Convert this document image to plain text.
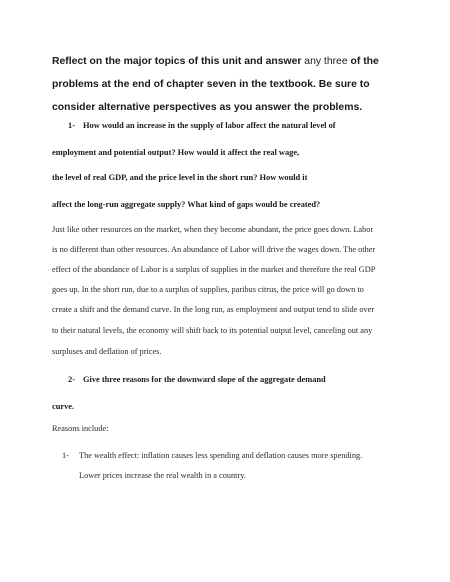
Reflect on the major topics of this unit and answer any three of the problems at the end of chapter seven in the textbook. Be sure to consider alternative perspectives as you answer the problems.

1- How would an increase in the supply of labor affect the natural level of
employment and potential output? How would it affect the real wage,
the level of real GDP, and the price level in the short run? How would it
affect the long-run aggregate supply? What kind of gaps would be created?
Just like other resources on the market, when they become abundant, the price goes down. Labor
is no different than other resources. An abundance of Labor will drive the wages down. The other
effect of the abundance of Labor is a surplus of supplies in the market and therefore the real GDP
goes up. In the short run, due to a surplus of supplies, paribus citrus, the price will go down to
create a shift and the demand curve. In the long run, as employment and output tend to slide over
to their natural levels, the economy will shift back to its potential output level, canceling out any
surpluses and deflation of prices.
2- Give three reasons for the downward slope of the aggregate demand
curve.
Reasons include:
1- The wealth effect: inflation causes less spending and deflation causes more spending.
Lower prices increase the real wealth in a country.
